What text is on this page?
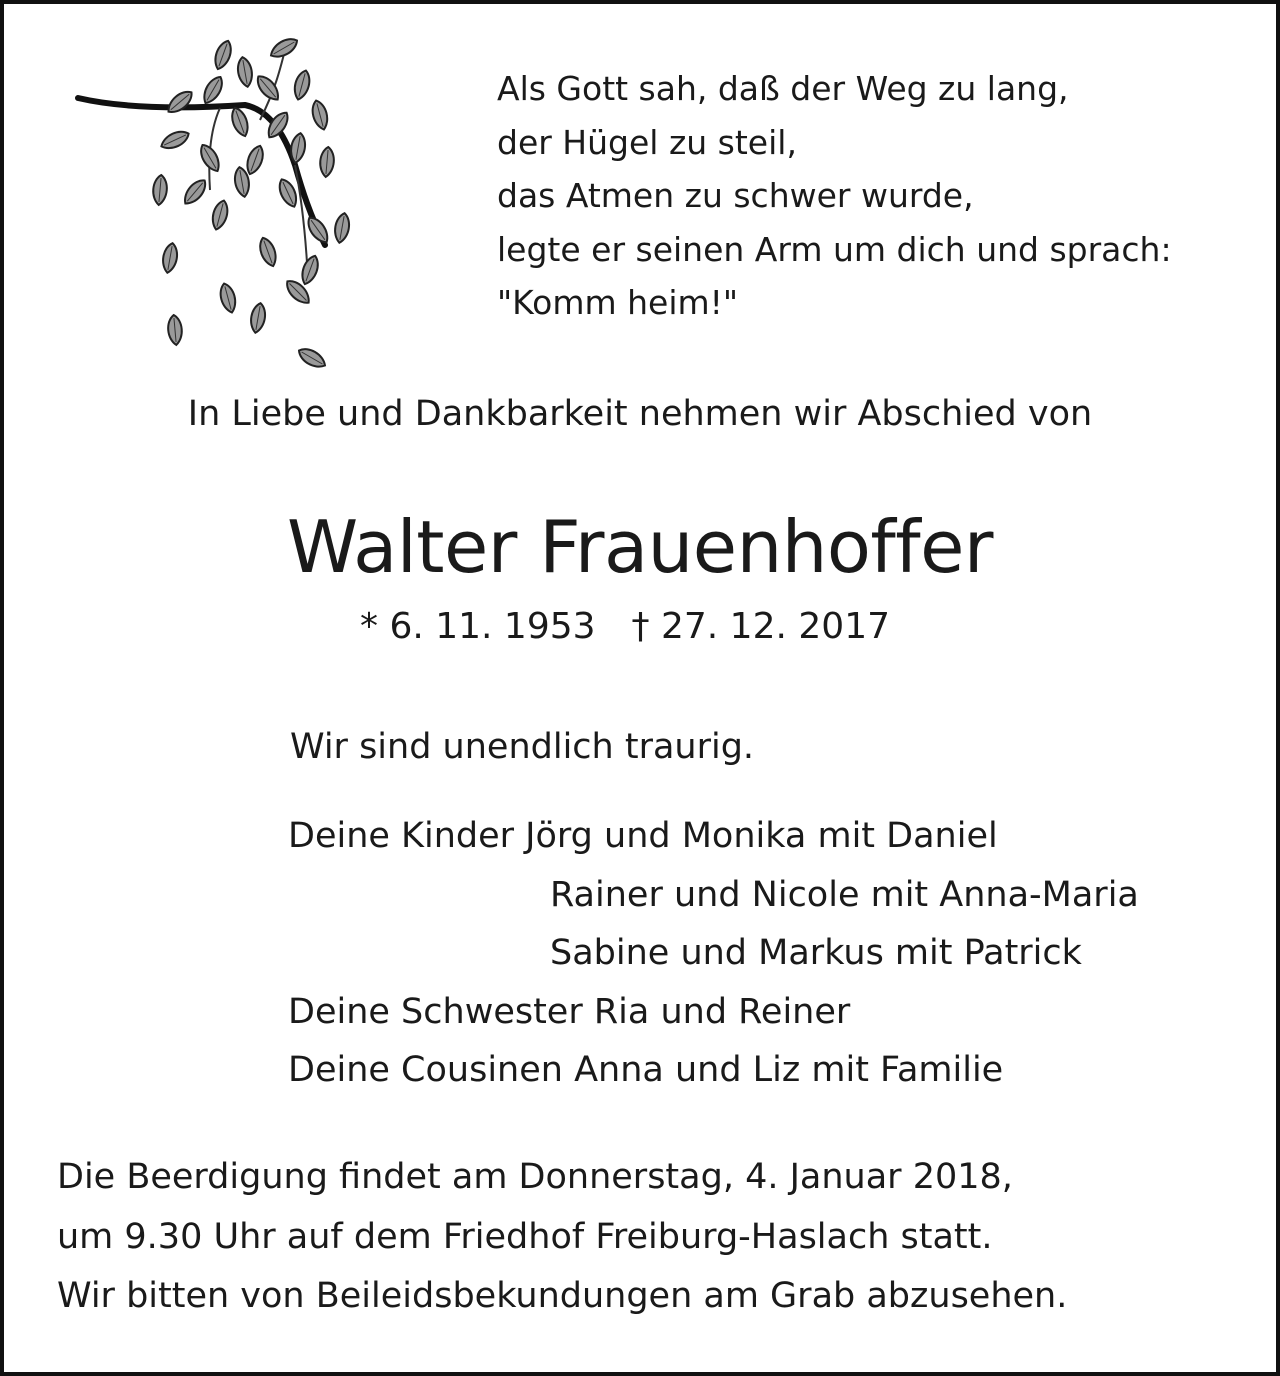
Als Gott sah, daß der Weg zu lang,
der Hügel zu steil,
das Atmen zu schwer wurde,
legte er seinen Arm um dich und sprach:
"Komm heim!"
In Liebe und Dankbarkeit nehmen wir Abschied von
Walter Frauenhoffer
* 6. 11. 1953 † 27. 12. 2017
Wir sind unendlich traurig.
Deine Kinder Jörg und Monika mit Daniel
Rainer und Nicole mit Anna-Maria
Sabine und Markus mit Patrick
Deine Schwester Ria und Reiner
Deine Cousinen Anna und Liz mit Familie
Die Beerdigung findet am Donnerstag, 4. Januar 2018,
um 9.30 Uhr auf dem Friedhof Freiburg-Haslach statt.
Wir bitten von Beileidsbekundungen am Grab abzusehen.
